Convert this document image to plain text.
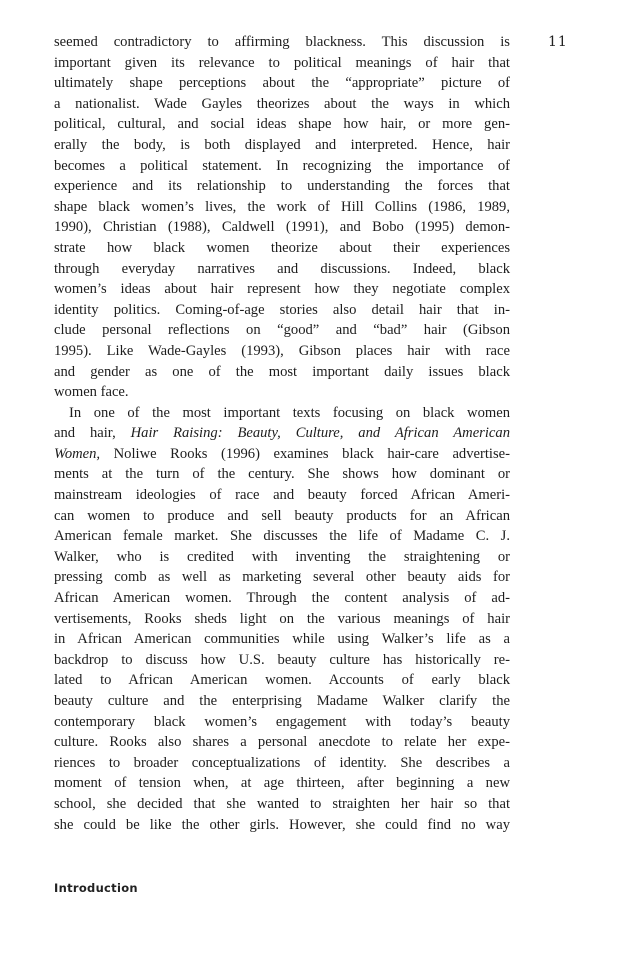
11
seemed contradictory to affirming blackness. This discussion is
important given its relevance to political meanings of hair that
ultimately shape perceptions about the “appropriate” picture of
a nationalist. Wade Gayles theorizes about the ways in which
political, cultural, and social ideas shape how hair, or more gen-
erally the body, is both displayed and interpreted. Hence, hair
becomes a political statement. In recognizing the importance of
experience and its relationship to understanding the forces that
shape black women’s lives, the work of Hill Collins (1986, 1989,
1990), Christian (1988), Caldwell (1991), and Bobo (1995) demon-
strate how black women theorize about their experiences
through everyday narratives and discussions. Indeed, black
women’s ideas about hair represent how they negotiate complex
identity politics. Coming-of-age stories also detail hair that in-
clude personal reflections on “good” and “bad” hair (Gibson
1995). Like Wade-Gayles (1993), Gibson places hair with race
and gender as one of the most important daily issues black
women face.
In one of the most important texts focusing on black women
and hair, Hair Raising: Beauty, Culture, and African American
Women, Noliwe Rooks (1996) examines black hair-care advertise-
ments at the turn of the century. She shows how dominant or
mainstream ideologies of race and beauty forced African Ameri-
can women to produce and sell beauty products for an African
American female market. She discusses the life of Madame C. J.
Walker, who is credited with inventing the straightening or
pressing comb as well as marketing several other beauty aids for
African American women. Through the content analysis of ad-
vertisements, Rooks sheds light on the various meanings of hair
in African American communities while using Walker’s life as a
backdrop to discuss how U.S. beauty culture has historically re-
lated to African American women. Accounts of early black
beauty culture and the enterprising Madame Walker clarify the
contemporary black women’s engagement with today’s beauty
culture. Rooks also shares a personal anecdote to relate her expe-
riences to broader conceptualizations of identity. She describes a
moment of tension when, at age thirteen, after beginning a new
school, she decided that she wanted to straighten her hair so that
she could be like the other girls. However, she could find no way
Introduction
